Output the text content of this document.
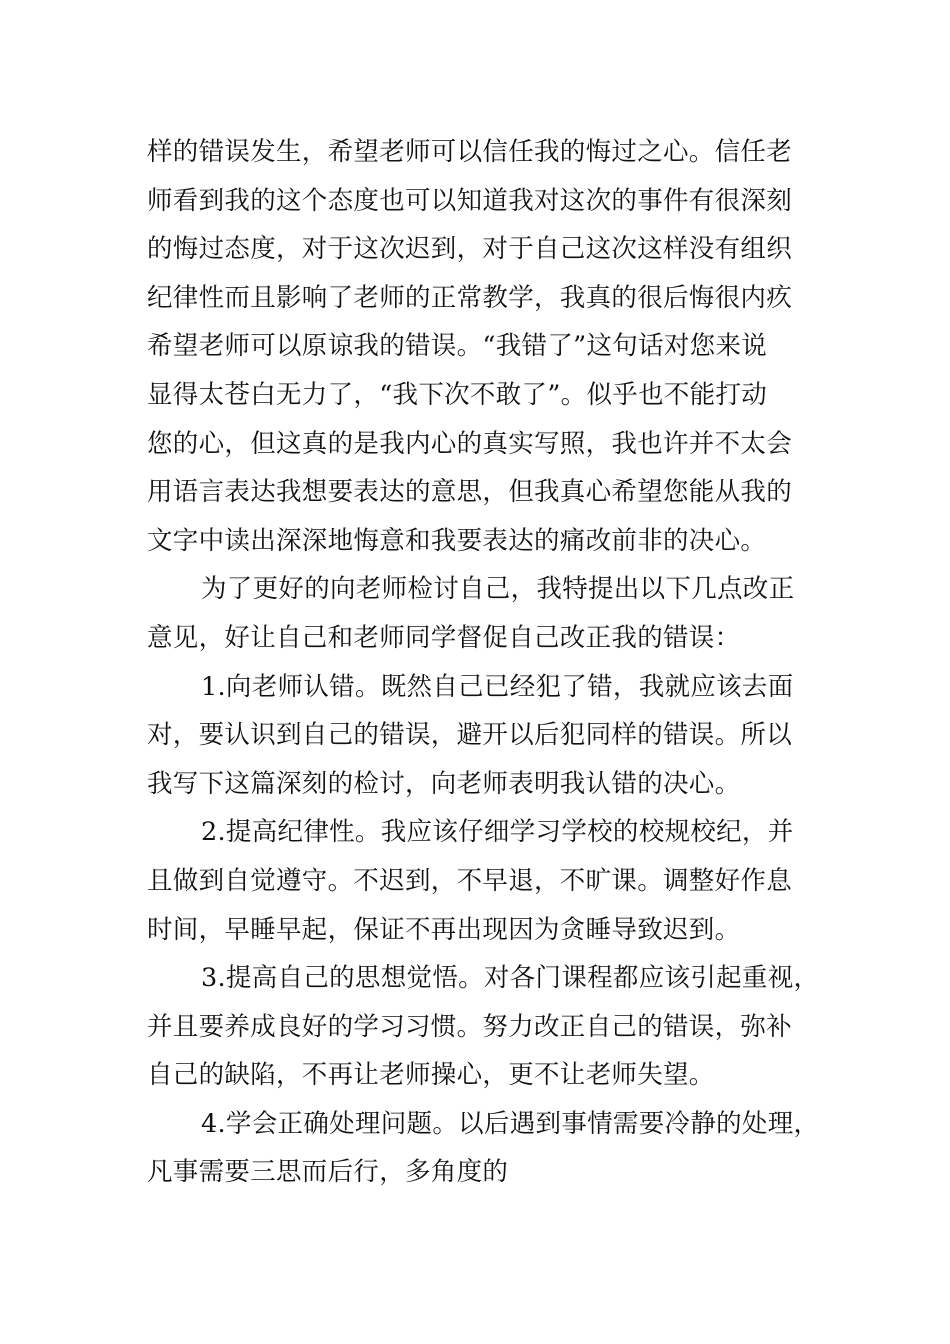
样的错误发生，希望老师可以信任我的悔过之心。信任老
师看到我的这个态度也可以知道我对这次的事件有很深刻
的悔过态度，对于这次迟到，对于自己这次这样没有组织
纪律性而且影响了老师的正常教学，我真的很后悔很内疚
希望老师可以原谅我的错误。“我错了”这句话对您来说
显得太苍白无力了，“我下次不敢了”。似乎也不能打动
您的心，但这真的是我内心的真实写照，我也许并不太会
用语言表达我想要表达的意思，但我真心希望您能从我的
文字中读出深深地悔意和我要表达的痛改前非的决心。
为了更好的向老师检讨自己，我特提出以下几点改正
意见，好让自己和老师同学督促自己改正我的错误：
1.向老师认错。既然自己已经犯了错，我就应该去面
对，要认识到自己的错误，避开以后犯同样的错误。所以
我写下这篇深刻的检讨，向老师表明我认错的决心。
2.提高纪律性。我应该仔细学习学校的校规校纪，并
且做到自觉遵守。不迟到，不早退，不旷课。调整好作息
时间，早睡早起，保证不再出现因为贪睡导致迟到。
3.提高自己的思想觉悟。对各门课程都应该引起重视，
并且要养成良好的学习习惯。努力改正自己的错误，弥补
自己的缺陷，不再让老师操心，更不让老师失望。
4.学会正确处理问题。以后遇到事情需要冷静的处理，
凡事需要三思而后行，多角度的
